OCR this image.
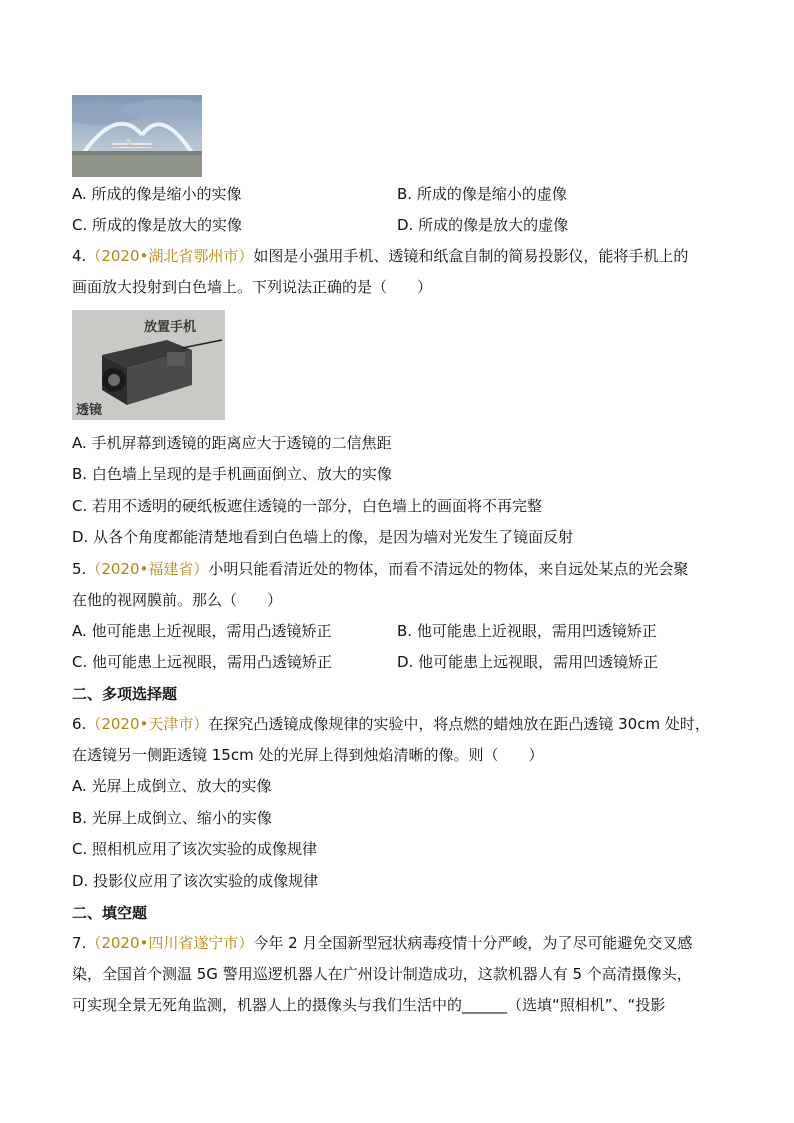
A. 所成的像是缩小的实像	B. 所成的像是缩小的虚像
C. 所成的像是放大的实像	D. 所成的像是放大的虚像
4.（2020•湖北省鄂州市）如图是小强用手机、透镜和纸盒自制的简易投影仪，能将手机上的
画面放大投射到白色墙上。下列说法正确的是（　　）
放置手机
透镜
A. 手机屏幕到透镜的距离应大于透镜的二信焦距
B. 白色墙上呈现的是手机画面倒立、放大的实像
C. 若用不透明的硬纸板遮住透镜的一部分，白色墙上的画面将不再完整
D. 从各个角度都能清楚地看到白色墙上的像，是因为墙对光发生了镜面反射
5.（2020•福建省）小明只能看清近处的物体，而看不清远处的物体，来自远处某点的光会聚
在他的视网膜前。那么（　　）
A. 他可能患上近视眼，需用凸透镜矫正	B. 他可能患上近视眼，需用凹透镜矫正
C. 他可能患上远视眼，需用凸透镜矫正	D. 他可能患上远视眼，需用凹透镜矫正
二、多项选择题
6.（2020•天津市）在探究凸透镜成像规律的实验中，将点燃的蜡烛放在距凸透镜 30cm 处时，
在透镜另一侧距透镜 15cm 处的光屏上得到烛焰清晰的像。则（　　）
A. 光屏上成倒立、放大的实像
B. 光屏上成倒立、缩小的实像
C. 照相机应用了该次实验的成像规律
D. 投影仪应用了该次实验的成像规律
二、填空题
7.（2020•四川省遂宁市）今年 2 月全国新型冠状病毒疫情十分严峻，为了尽可能避免交叉感
染，全国首个测温 5G 警用巡逻机器人在广州设计制造成功，这款机器人有 5 个高清摄像头，
可实现全景无死角监测，机器人上的摄像头与我们生活中的______（选填“照相机”、“投影
